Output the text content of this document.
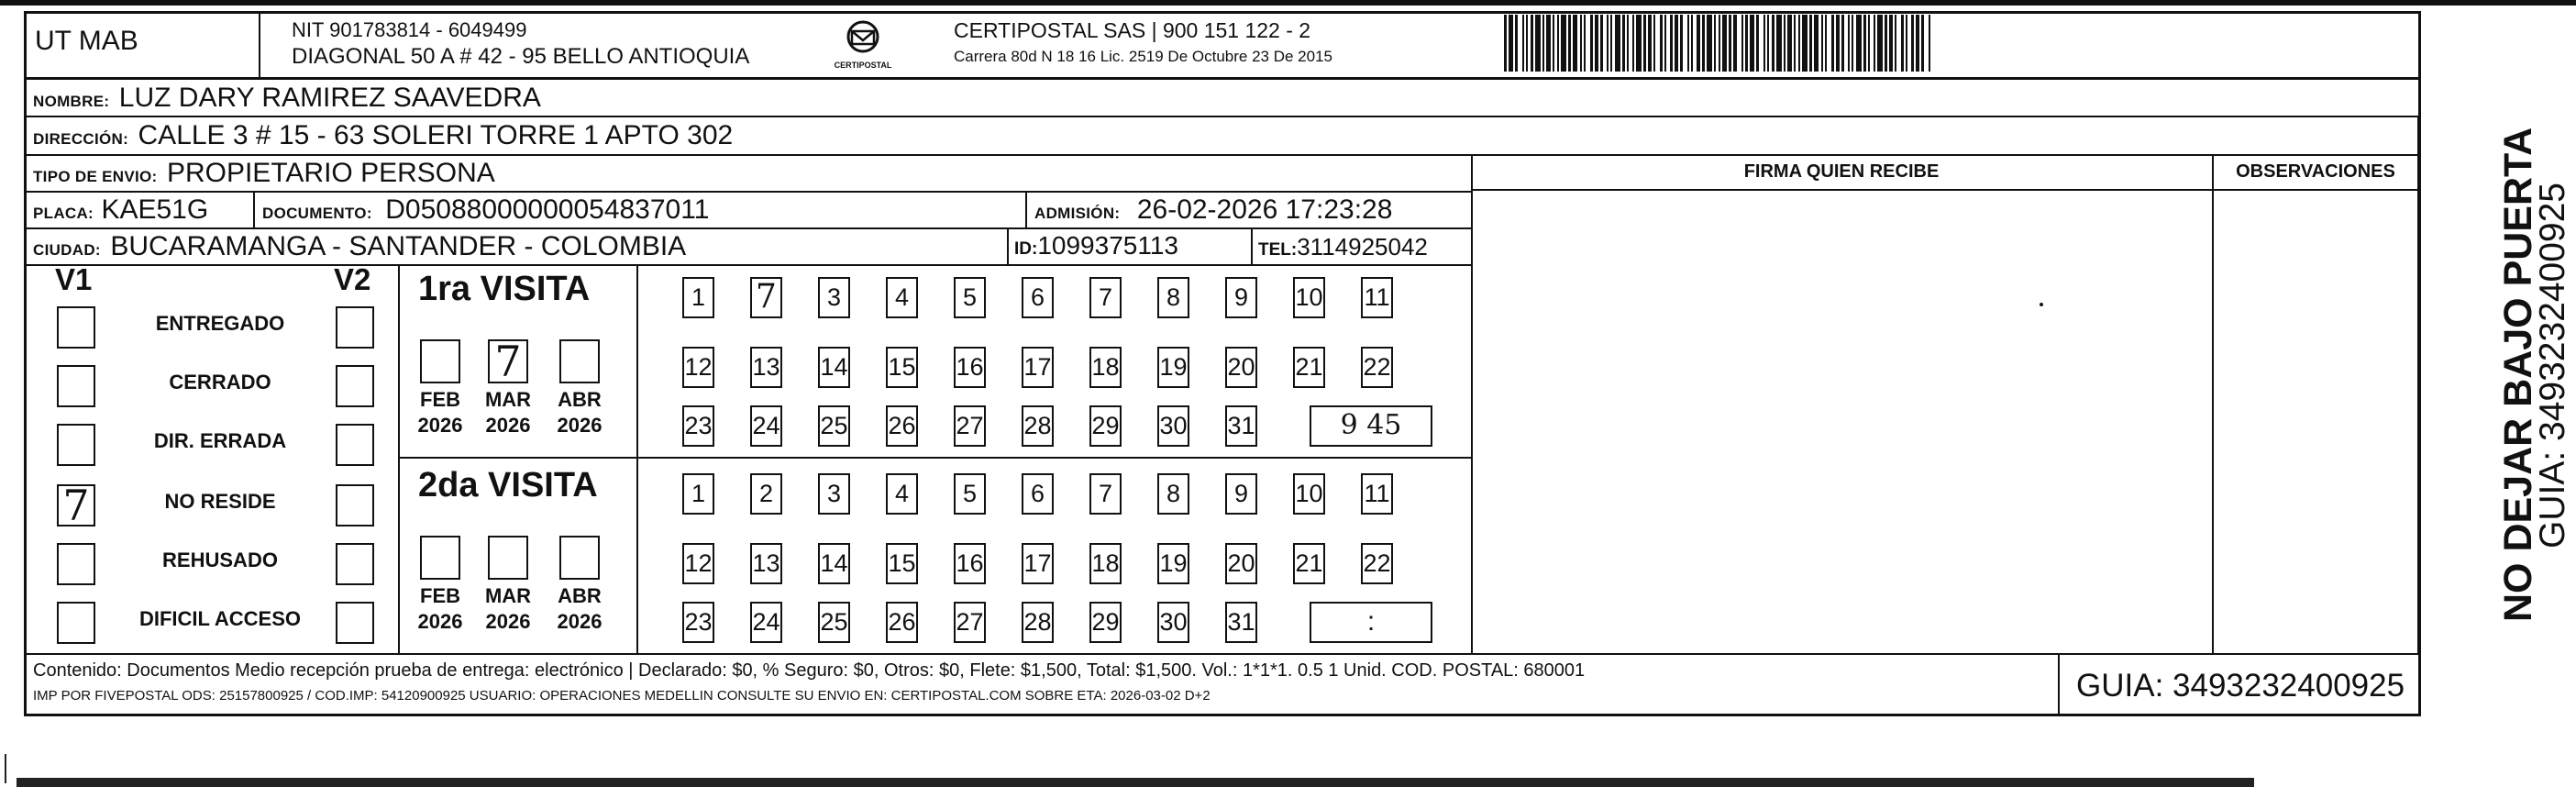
UT MAB	NIT 901783814 - 6049499
DIAGONAL 50 A # 42 - 95 BELLO ANTIOQUIA	CERTIPOSTAL
CERTIPOSTAL SAS | 900 151 122 - 2
Carrera 80d N 18 16 Lic. 2519 De Octubre 23 De 2015
NOMBRE: LUZ DARY RAMIREZ SAAVEDRA
DIRECCIÓN: CALLE 3 # 15 - 63 SOLERI TORRE 1 APTO 302
TIPO DE ENVIO: PROPIETARIO PERSONA
PLACA: KAE51G	DOCUMENTO: D05088000000054837011	ADMISIÓN: 26-02-2026 17:23:28
CIUDAD: BUCARAMANGA - SANTANDER - COLOMBIA	ID:1099375113	TEL:3114925042
FIRMA QUIEN RECIBE	OBSERVACIONES	NO DEJAR BAJO PUERTA
GUIA: 3493232400925
V1	V2
ENTREGADO
CERRADO
DIR. ERRADA
7	NO RESIDE
REHUSADO
DIFICIL ACCESO
1ra VISITA
2da VISITA
FEB
2026
7
MAR
2026
ABR
2026
1 7	3	4	5	6	7	8	9	10 11
12 13 14 15 16 17 18 19 20 21 22
23 24 25 26 27 28 29 30 31	9 45
FEB
2026
MAR
2026
ABR
2026
1	2	3	4	5	6	7	8	9	10 11
12 13 14 15 16 17 18 19 20 21 22
23 24 25 26 27 28 29 30 31	:
Contenido: Documentos Medio recepción prueba de entrega: electrónico | Declarado: $0, % Seguro: $0, Otros: $0, Flete: $1,500, Total: $1,500. Vol.: 1*1*1. 0.5 1 Unid. COD. POSTAL: 680001
IMP POR FIVEPOSTAL ODS: 25157800925 / COD.IMP: 54120900925 USUARIO: OPERACIONES MEDELLIN CONSULTE SU ENVIO EN: CERTIPOSTAL.COM SOBRE ETA: 2026-03-02 D+2	GUIA: 3493232400925
